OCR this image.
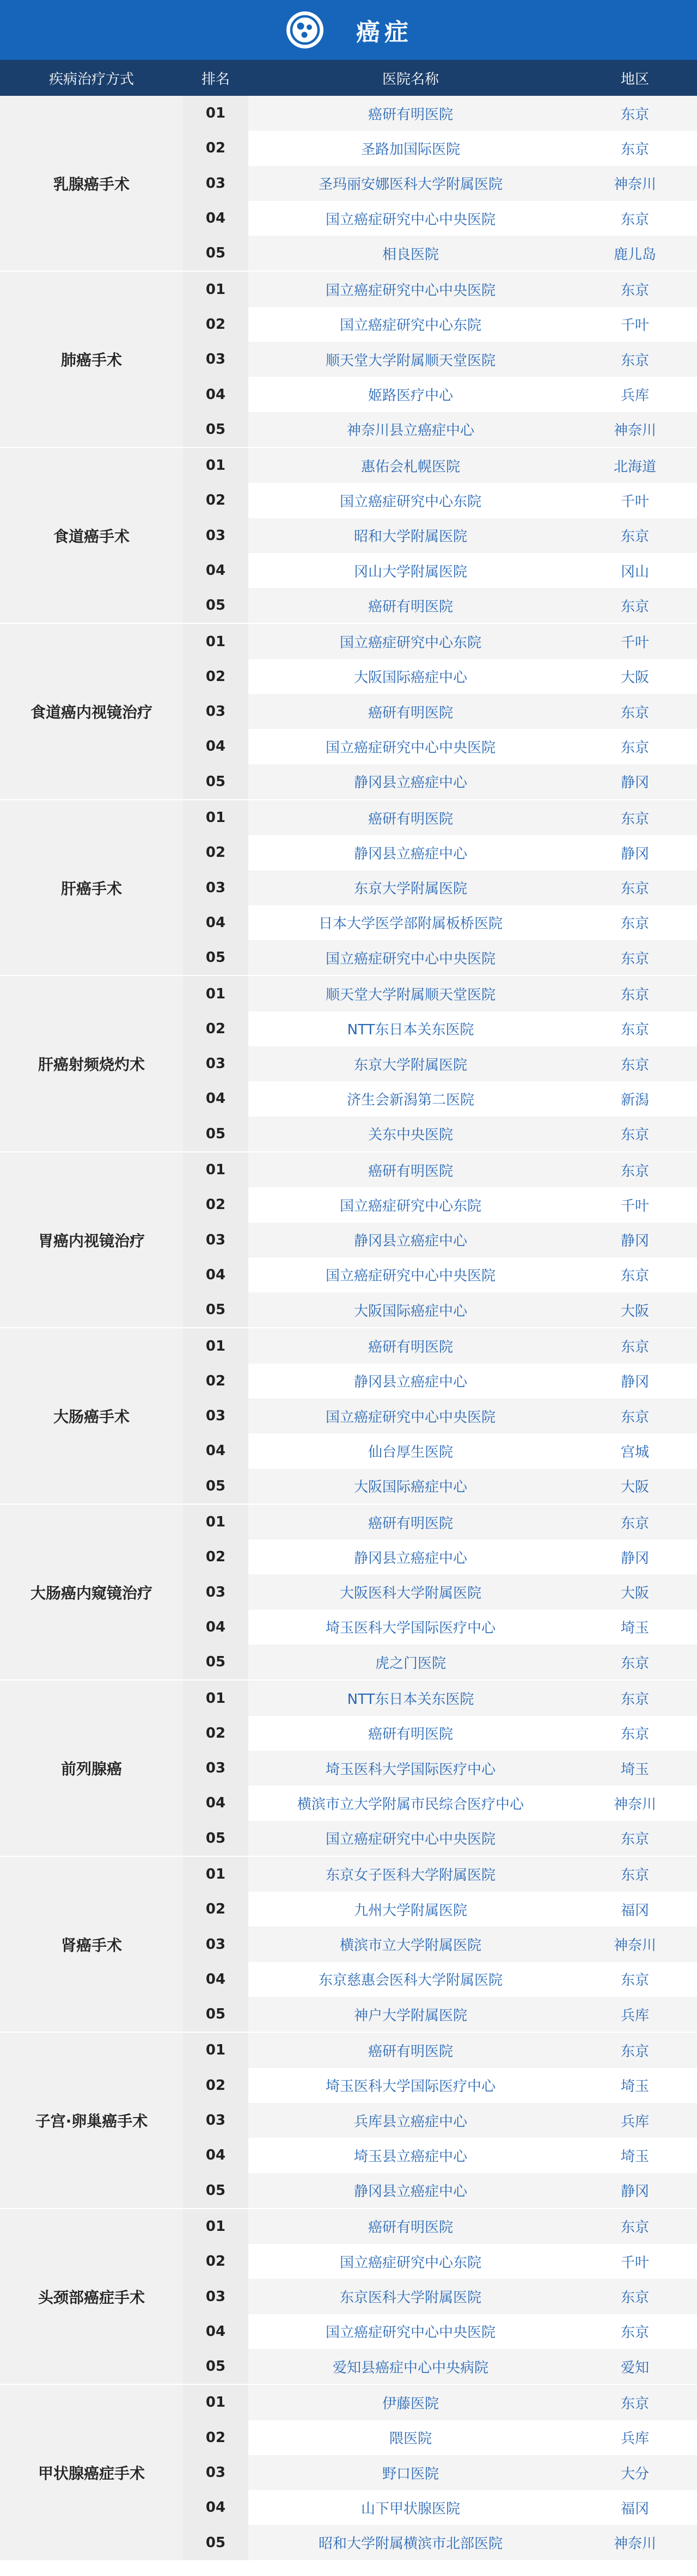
癌症
疾病治疗方式	排名	医院名称	地区
乳腺癌手术
01	癌研有明医院	东京
02	圣路加国际医院	东京
03	圣玛丽安娜医科大学附属医院	神奈川
04	国立癌症研究中心中央医院	东京
05	相良医院	鹿儿岛
肺癌手术
01	国立癌症研究中心中央医院	东京
02	国立癌症研究中心东院	千叶
03	顺天堂大学附属顺天堂医院	东京
04	姬路医疗中心	兵库
05	神奈川县立癌症中心	神奈川
食道癌手术
01	惠佑会札幌医院	北海道
02	国立癌症研究中心东院	千叶
03	昭和大学附属医院	东京
04	冈山大学附属医院	冈山
05	癌研有明医院	东京
食道癌内视镜治疗
01	国立癌症研究中心东院	千叶
02	大阪国际癌症中心	大阪
03	癌研有明医院	东京
04	国立癌症研究中心中央医院	东京
05	静冈县立癌症中心	静冈
肝癌手术
01	癌研有明医院	东京
02	静冈县立癌症中心	静冈
03	东京大学附属医院	东京
04	日本大学医学部附属板桥医院	东京
05	国立癌症研究中心中央医院	东京
肝癌射频烧灼术
01	顺天堂大学附属顺天堂医院	东京
02	NTT东日本关东医院	东京
03	东京大学附属医院	东京
04	济生会新潟第二医院	新潟
05	关东中央医院	东京
胃癌内视镜治疗
01	癌研有明医院	东京
02	国立癌症研究中心东院	千叶
03	静冈县立癌症中心	静冈
04	国立癌症研究中心中央医院	东京
05	大阪国际癌症中心	大阪
大肠癌手术
01	癌研有明医院	东京
02	静冈县立癌症中心	静冈
03	国立癌症研究中心中央医院	东京
04	仙台厚生医院	宫城
05	大阪国际癌症中心	大阪
大肠癌内窥镜治疗
01	癌研有明医院	东京
02	静冈县立癌症中心	静冈
03	大阪医科大学附属医院	大阪
04	埼玉医科大学国际医疗中心	埼玉
05	虎之门医院	东京
前列腺癌
01	NTT东日本关东医院	东京
02	癌研有明医院	东京
03	埼玉医科大学国际医疗中心	埼玉
04	横滨市立大学附属市民综合医疗中心	神奈川
05	国立癌症研究中心中央医院	东京
肾癌手术
01	东京女子医科大学附属医院	东京
02	九州大学附属医院	福冈
03	横滨市立大学附属医院	神奈川
04	东京慈惠会医科大学附属医院	东京
05	神户大学附属医院	兵库
子宫·卵巢癌手术
01	癌研有明医院	东京
02	埼玉医科大学国际医疗中心	埼玉
03	兵库县立癌症中心	兵库
04	埼玉县立癌症中心	埼玉
05	静冈县立癌症中心	静冈
头颈部癌症手术
01	癌研有明医院	东京
02	国立癌症研究中心东院	千叶
03	东京医科大学附属医院	东京
04	国立癌症研究中心中央医院	东京
05	爱知县癌症中心中央病院	爱知
甲状腺癌症手术
01	伊藤医院	东京
02	隈医院	兵库
03	野口医院	大分
04	山下甲状腺医院	福冈
05	昭和大学附属横滨市北部医院	神奈川
